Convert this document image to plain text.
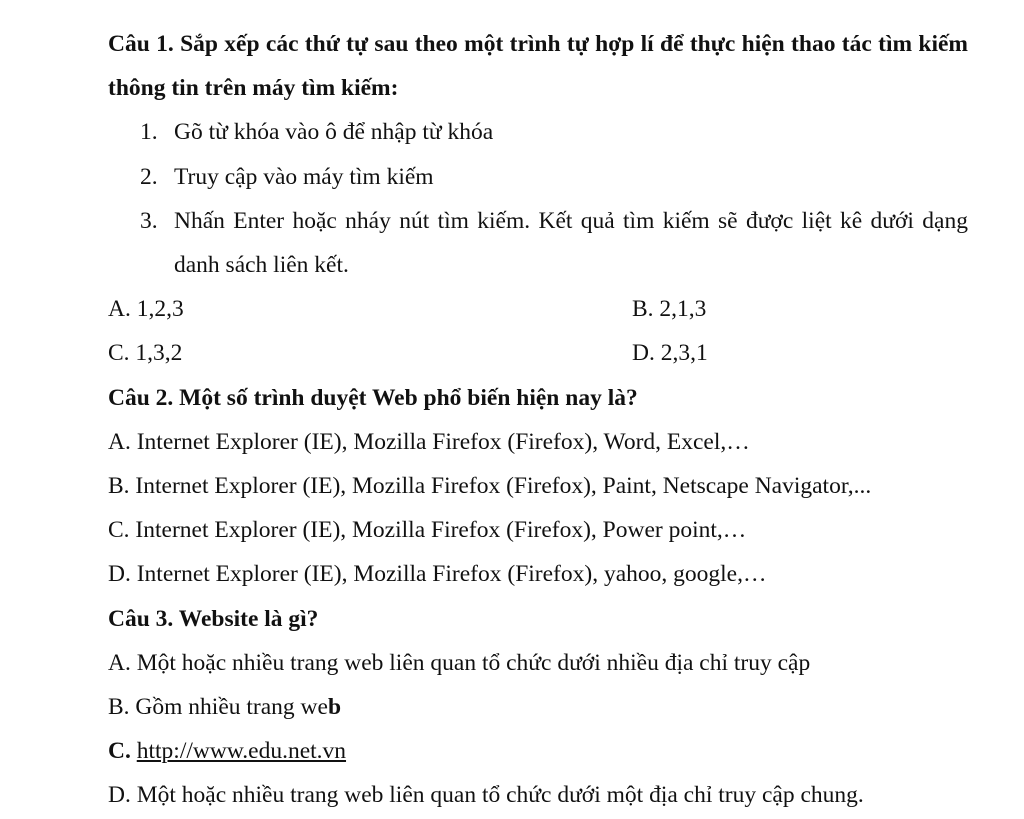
Câu 1. Sắp xếp các thứ tự sau theo một trình tự hợp lí để thực hiện thao tác tìm kiếm thông tin trên máy tìm kiếm:
1. Gõ từ khóa vào ô để nhập từ khóa
2. Truy cập vào máy tìm kiếm
3. Nhấn Enter hoặc nháy nút tìm kiếm. Kết quả tìm kiếm sẽ được liệt kê dưới dạng danh sách liên kết.
A. 1,2,3	B. 2,1,3
C. 1,3,2	D. 2,3,1
Câu 2. Một số trình duyệt Web phổ biến hiện nay là?
A. Internet Explorer (IE), Mozilla Firefox (Firefox), Word, Excel,…
B. Internet Explorer (IE), Mozilla Firefox (Firefox), Paint, Netscape Navigator,...
C. Internet Explorer (IE), Mozilla Firefox (Firefox), Power point,…
D. Internet Explorer (IE), Mozilla Firefox (Firefox), yahoo, google,…
Câu 3. Website là gì?
A. Một hoặc nhiều trang web liên quan tổ chức dưới nhiều địa chỉ truy cập
B. Gồm nhiều trang web
C. http://www.edu.net.vn
D. Một hoặc nhiều trang web liên quan tổ chức dưới một địa chỉ truy cập chung.
